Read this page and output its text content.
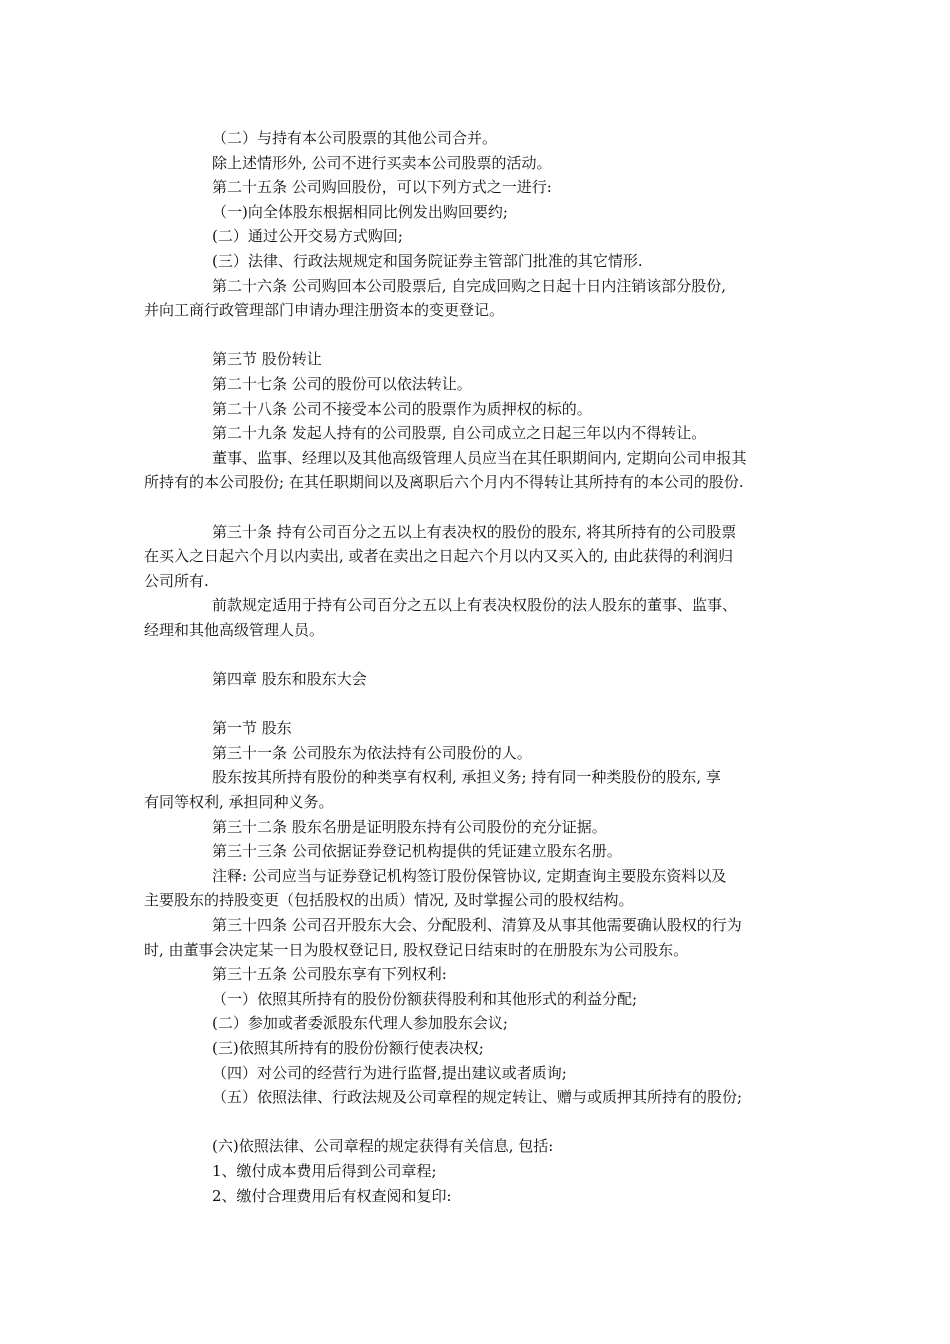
（二）与持有本公司股票的其他公司合并。

除上述情形外, 公司不进行买卖本公司股票的活动。

第二十五条 公司购回股份，可以下列方式之一进行:

（一)向全体股东根据相同比例发出购回要约;

(二）通过公开交易方式购回;

(三）法律、行政法规规定和国务院证券主管部门批准的其它情形.

第二十六条 公司购回本公司股票后, 自完成回购之日起十日内注销该部分股份,

并向工商行政管理部门申请办理注册资本的变更登记。

第三节 股份转让

第二十七条 公司的股份可以依法转让。

第二十八条 公司不接受本公司的股票作为质押权的标的。

第二十九条 发起人持有的公司股票, 自公司成立之日起三年以内不得转让。

董事、监事、经理以及其他高级管理人员应当在其任职期间内, 定期向公司申报其

所持有的本公司股份; 在其任职期间以及离职后六个月内不得转让其所持有的本公司的股份.

第三十条 持有公司百分之五以上有表决权的股份的股东, 将其所持有的公司股票

在买入之日起六个月以内卖出, 或者在卖出之日起六个月以内又买入的, 由此获得的利润归

公司所有.

前款规定适用于持有公司百分之五以上有表决权股份的法人股东的董事、监事、

经理和其他高级管理人员。

第四章 股东和股东大会

第一节 股东

第三十一条 公司股东为依法持有公司股份的人。

股东按其所持有股份的种类享有权利, 承担义务; 持有同一种类股份的股东, 享

有同等权利, 承担同种义务。

第三十二条 股东名册是证明股东持有公司股份的充分证据。

第三十三条 公司依据证券登记机构提供的凭证建立股东名册。

注释: 公司应当与证券登记机构签订股份保管协议, 定期查询主要股东资料以及

主要股东的持股变更（包括股权的出质）情况, 及时掌握公司的股权结构。

第三十四条 公司召开股东大会、分配股利、清算及从事其他需要确认股权的行为

时, 由董事会决定某一日为股权登记日, 股权登记日结束时的在册股东为公司股东。

第三十五条 公司股东享有下列权利:

（一）依照其所持有的股份份额获得股利和其他形式的利益分配;

(二）参加或者委派股东代理人参加股东会议;

(三)依照其所持有的股份份额行使表决权;

（四）对公司的经营行为进行监督,提出建议或者质询;

（五）依照法律、行政法规及公司章程的规定转让、赠与或质押其所持有的股份;

(六)依照法律、公司章程的规定获得有关信息, 包括:

1、缴付成本费用后得到公司章程;

2、缴付合理费用后有权查阅和复印:
